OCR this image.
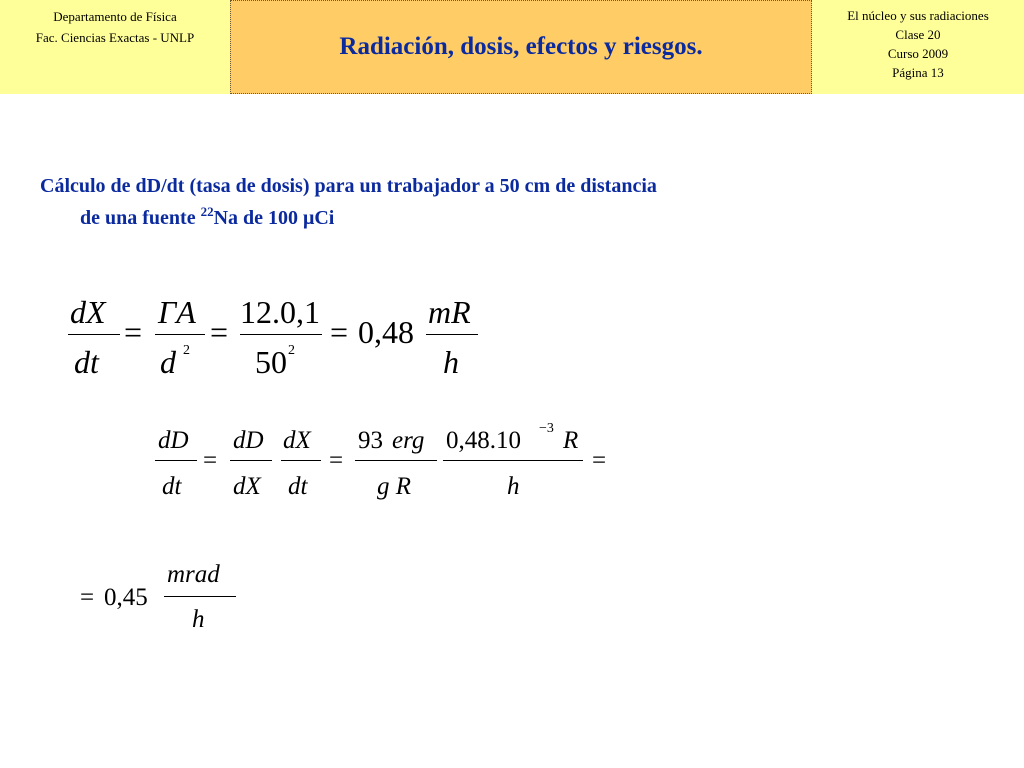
Departamento de Física
Fac. Ciencias Exactas - UNLP	Radiación, dosis, efectos y riesgos.
El núcleo y sus radiaciones
Clase 20
Curso 2009
Página 13
Cálculo de dD/dt (tasa de dosis) para un trabajador a 50 cm de distancia
de una fuente $^{22}$Na de 100 μCi
dX
dt
=
ΓA
d 2
=
12.0,1
50 2
= 0,48
mR
h
dD
dt
=
dD
dX
dX
dt
=
93 erg
g R
0,48.10 −3 R
h
=
= 0,45
mrad
h
